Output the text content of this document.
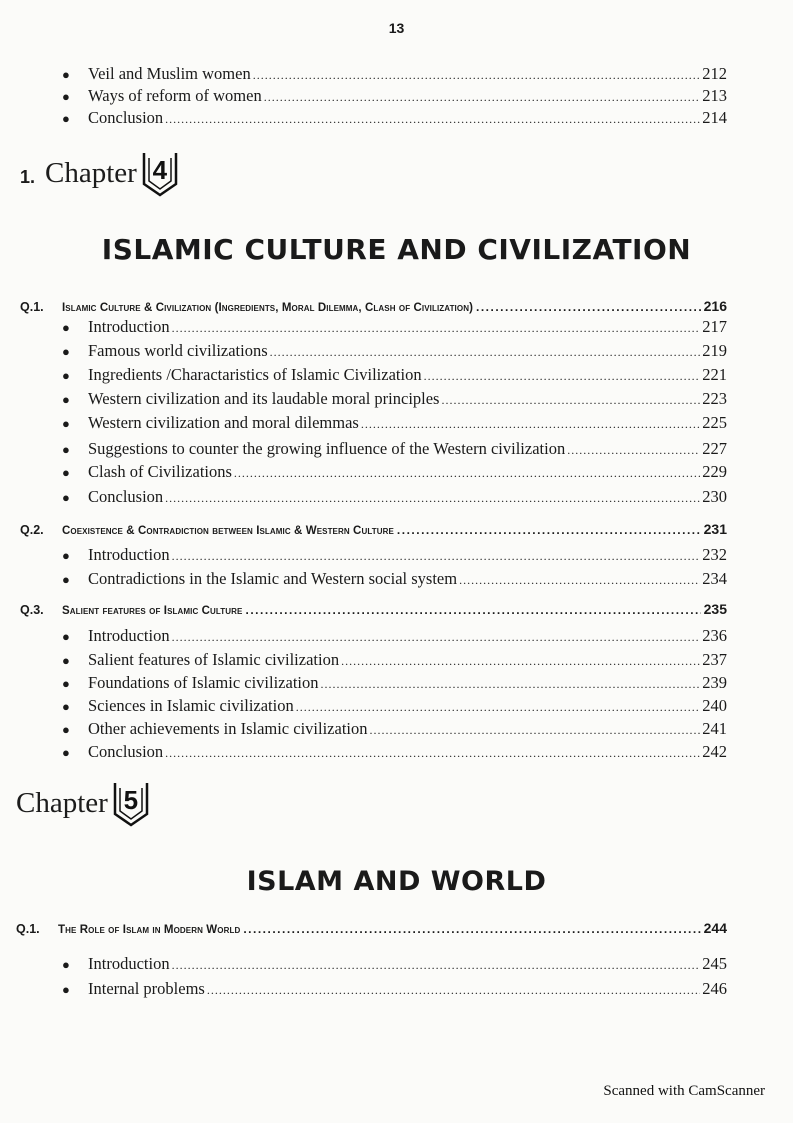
13
●	Veil and Muslim women .....	212
●	Ways of reform of women .....	213
●	Conclusion .....	214
1. Chapter 4
ISLAMIC CULTURE AND CIVILIZATION
Q.1.	Islamic Culture & Civilization (Ingredients, Moral Dilemma, Clash of Civilization) .....	216
●	Introduction .....	217
●	Famous world civilizations .....	219
●	Ingredients /Charactaristics of Islamic Civilization .....	221
●	Western civilization and its laudable moral principles .....	223
●	Western civilization and moral dilemmas .....	225
●	Suggestions to counter the growing influence of the Western civilization .....	227
●	Clash of Civilizations .....	229
●	Conclusion .....	230
Q.2.	Coexistence & Contradiction between Islamic & Western Culture .....	231
●	Introduction .....	232
●	Contradictions in the Islamic and Western social system .....	234
Q.3.	Salient features of Islamic Culture .....	235
●	Introduction .....	236
●	Salient features of Islamic civilization .....	237
●	Foundations of Islamic civilization .....	239
●	Sciences in Islamic civilization .....	240
●	Other achievements in Islamic civilization .....	241
●	Conclusion .....	242
Chapter 5
ISLAM AND WORLD
Q.1.	The Role of Islam in Modern World .....	244
●	Introduction .....	245
●	Internal problems .....	246
Scanned with CamScanner
